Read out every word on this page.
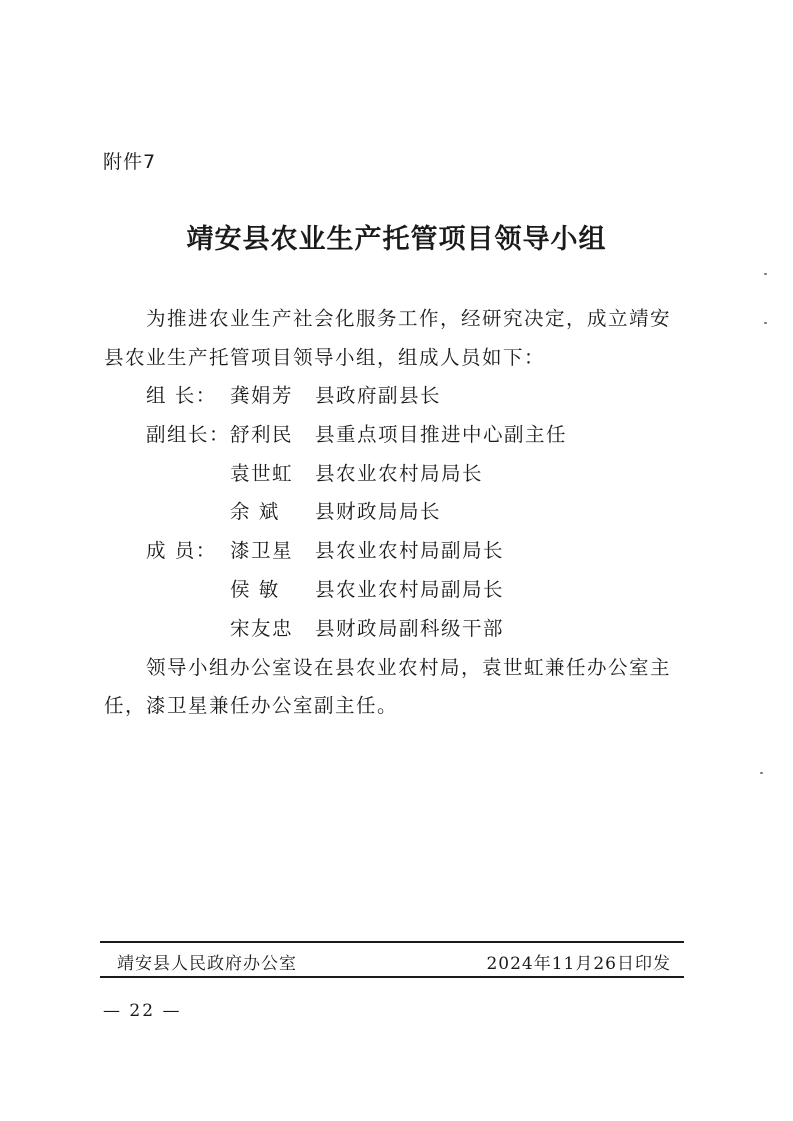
附件7
靖安县农业生产托管项目领导小组
为推进农业生产社会化服务工作，经研究决定，成立靖安
县农业生产托管项目领导小组，组成人员如下：
组 长： 龚娟芳 县政府副县长
副组长： 舒利民 县重点项目推进中心副主任
袁世虹 县农业农村局局长
余 斌 县财政局局长
成 员： 漆卫星 县农业农村局副局长
侯 敏 县农业农村局副局长
宋友忠 县财政局副科级干部
领导小组办公室设在县农业农村局，袁世虹兼任办公室主
任，漆卫星兼任办公室副主任。
靖安县人民政府办公室	2024年11月26日印发
— 22 —
